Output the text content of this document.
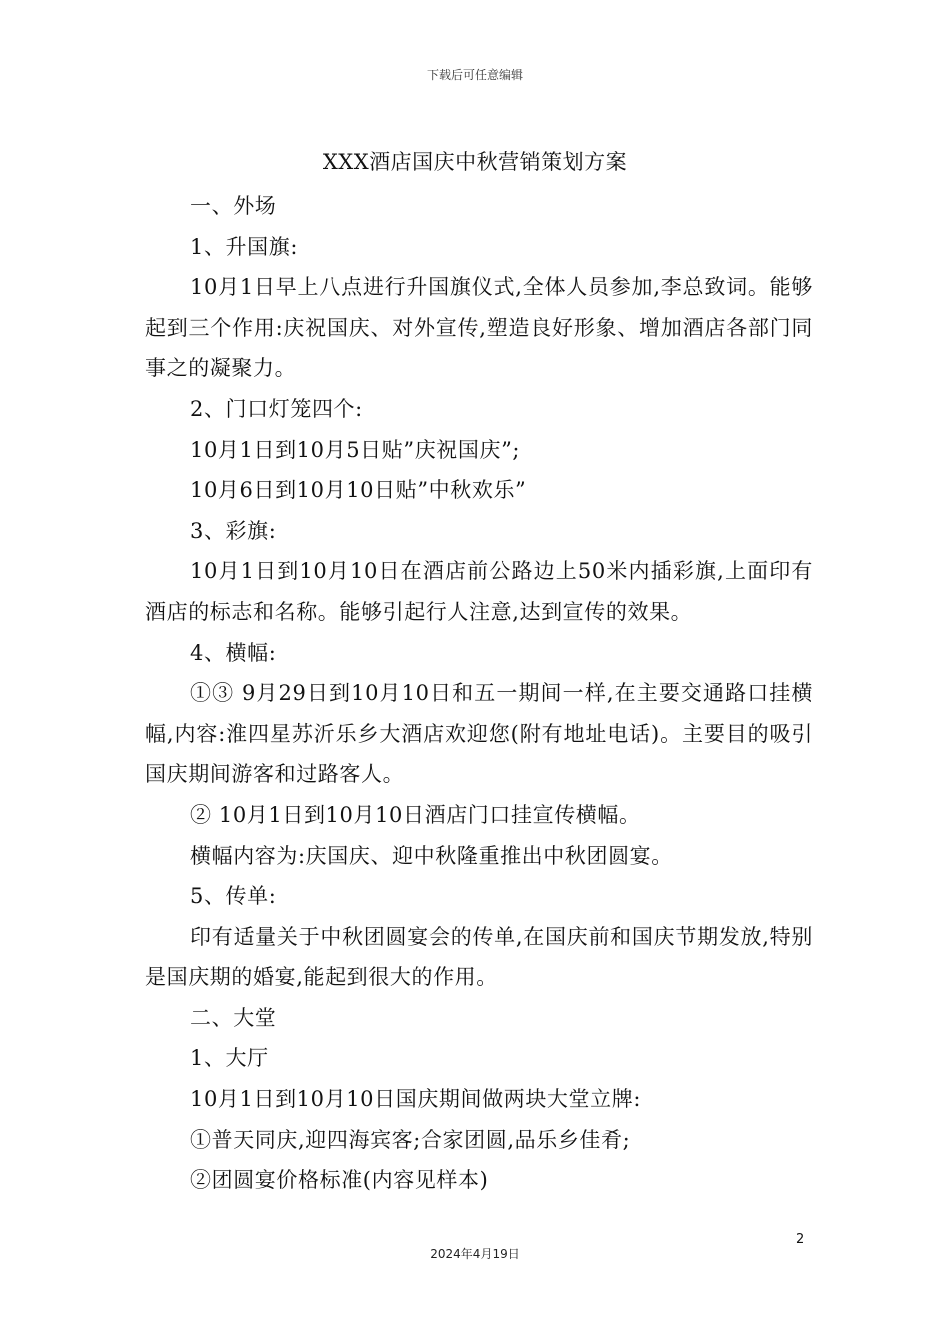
下载后可任意编辑
XXX酒店国庆中秋营销策划方案

一、外场

1、升国旗:

10月1日早上八点进行升国旗仪式,全体人员参加,李总致词。能够起到三个作用:庆祝国庆、对外宣传,塑造良好形象、增加酒店各部门同事之的凝聚力。

2、门口灯笼四个:

10月1日到10月5日贴”庆祝国庆”;

10月6日到10月10日贴”中秋欢乐”

3、彩旗:

10月1日到10月10日在酒店前公路边上50米内插彩旗,上面印有酒店的标志和名称。能够引起行人注意,达到宣传的效果。

4、横幅:

①③ 9月29日到10月10日和五一期间一样,在主要交通路口挂横幅,内容:淮四星苏沂乐乡大酒店欢迎您(附有地址电话)。主要目的吸引国庆期间游客和过路客人。

② 10月1日到10月10日酒店门口挂宣传横幅。

横幅内容为:庆国庆、迎中秋隆重推出中秋团圆宴。

5、传单:

印有适量关于中秋团圆宴会的传单,在国庆前和国庆节期发放,特别是国庆期的婚宴,能起到很大的作用。

二、大堂

1、大厅

10月1日到10月10日国庆期间做两块大堂立牌:

①普天同庆,迎四海宾客;合家团圆,品乐乡佳肴;

②团圆宴价格标准(内容见样本)

2
2024年4月19日
